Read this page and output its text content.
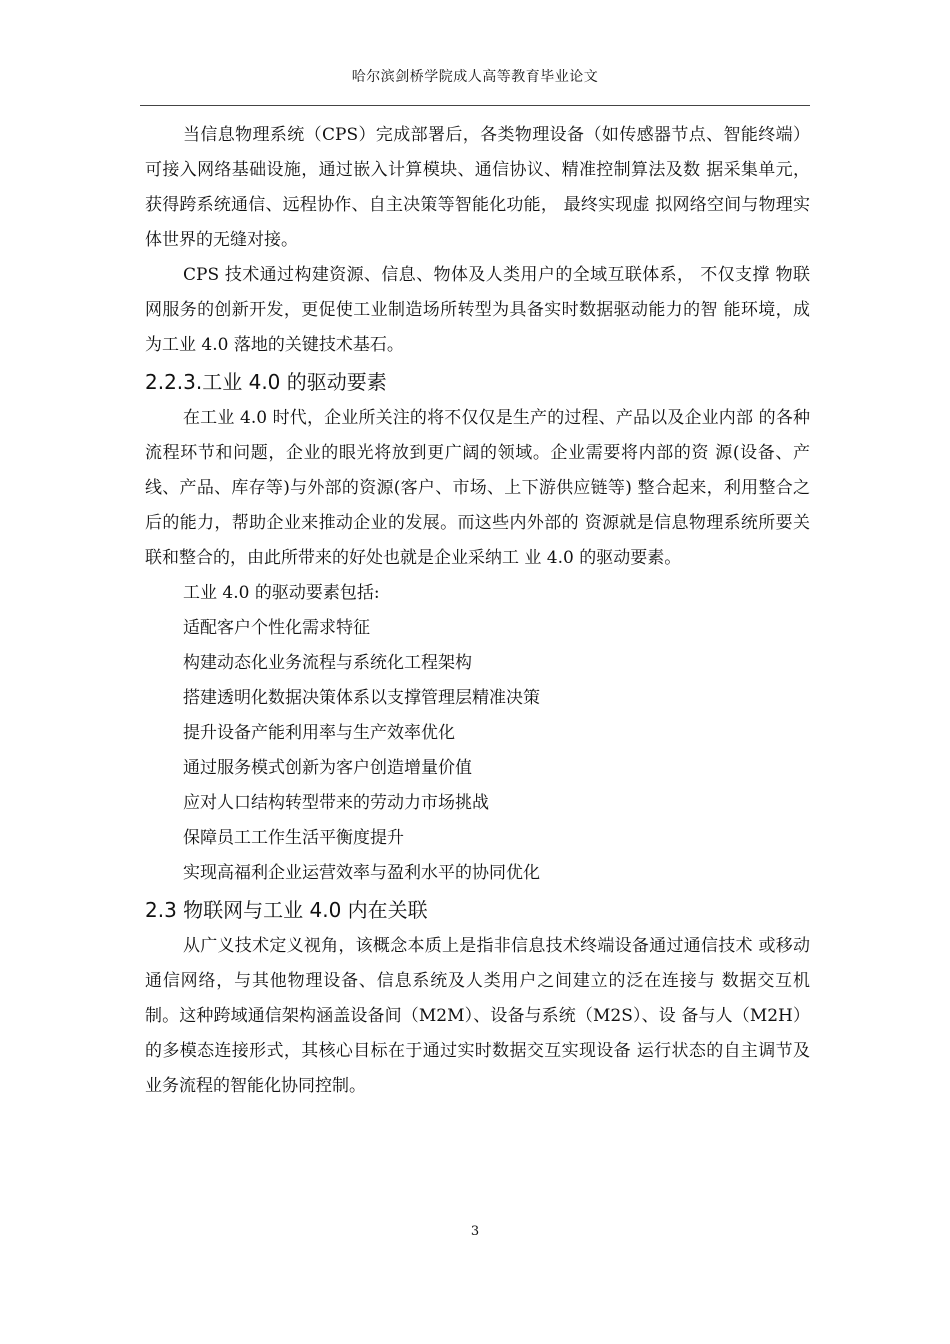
哈尔滨剑桥学院成人高等教育毕业论文

当信息物理系统（CPS）完成部署后，各类物理设备（如传感器节点、智能终端）可接入网络基础设施，通过嵌入计算模块、通信协议、精准控制算法及数 据采集单元，获得跨系统通信、远程协作、自主决策等智能化功能， 最终实现虚 拟网络空间与物理实体世界的无缝对接。

CPS 技术通过构建资源、信息、物体及人类用户的全域互联体系， 不仅支撑 物联网服务的创新开发，更促使工业制造场所转型为具备实时数据驱动能力的智 能环境，成为工业 4.0 落地的关键技术基石。

2.2.3.工业 4.0 的驱动要素

在工业 4.0 时代，企业所关注的将不仅仅是生产的过程、产品以及企业内部 的各种流程环节和问题，企业的眼光将放到更广阔的领域。企业需要将内部的资 源(设备、产线、产品、库存等)与外部的资源(客户、市场、上下游供应链等) 整合起来，利用整合之后的能力，帮助企业来推动企业的发展。而这些内外部的 资源就是信息物理系统所要关联和整合的，由此所带来的好处也就是企业采纳工 业 4.0 的驱动要素。

工业 4.0 的驱动要素包括:

适配客户个性化需求特征

构建动态化业务流程与系统化工程架构

搭建透明化数据决策体系以支撑管理层精准决策

提升设备产能利用率与生产效率优化

通过服务模式创新为客户创造增量价值

应对人口结构转型带来的劳动力市场挑战

保障员工工作生活平衡度提升

实现高福利企业运营效率与盈利水平的协同优化

2.3 物联网与工业 4.0 内在关联

从广义技术定义视角，该概念本质上是指非信息技术终端设备通过通信技术 或移动通信网络，与其他物理设备、信息系统及人类用户之间建立的泛在连接与 数据交互机制。这种跨域通信架构涵盖设备间（M2M）、设备与系统（M2S）、设 备与人（M2H）的多模态连接形式，其核心目标在于通过实时数据交互实现设备 运行状态的自主调节及业务流程的智能化协同控制。

3
